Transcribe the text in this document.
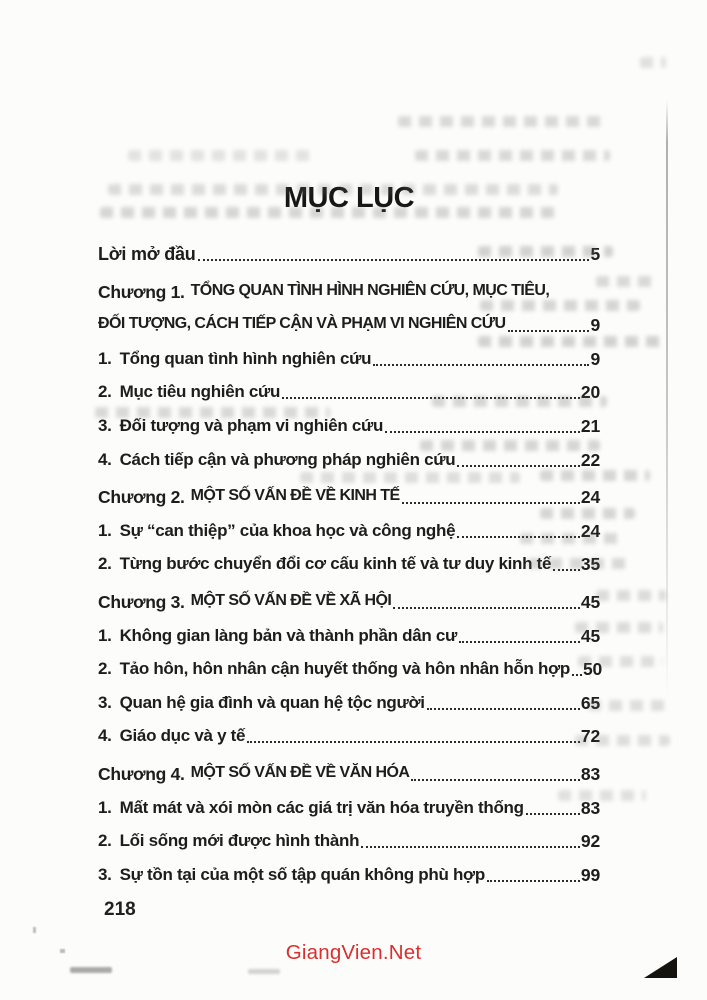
MỤC LỤC
Lời mở đầu	5
Chương 1. TỔNG QUAN TÌNH HÌNH NGHIÊN CỨU, MỤC TIÊU,
ĐỐI TƯỢNG, CÁCH TIẾP CẬN VÀ PHẠM VI NGHIÊN CỨU	9
1. Tổng quan tình hình nghiên cứu	9
2. Mục tiêu nghiên cứu	20
3. Đối tượng và phạm vi nghiên cứu	21
4. Cách tiếp cận và phương pháp nghiên cứu	22
Chương 2. MỘT SỐ VẤN ĐỀ VỀ KINH TẾ	24
1. Sự “can thiệp” của khoa học và công nghệ	24
2. Từng bước chuyển đổi cơ cấu kinh tế và tư duy kinh tế 35
Chương 3. MỘT SỐ VẤN ĐỀ VỀ XÃ HỘI	45
1. Không gian làng bản và thành phần dân cư	45
2. Tảo hôn, hôn nhân cận huyết thống và hôn nhân hỗn hợp 50
3. Quan hệ gia đình và quan hệ tộc người	65
4. Giáo dục và y tế	72
Chương 4. MỘT SỐ VẤN ĐỀ VỀ VĂN HÓA	83
1. Mất mát và xói mòn các giá trị văn hóa truyền thống	83
2. Lối sống mới được hình thành	92
3. Sự tồn tại của một số tập quán không phù hợp	99
218
GiangVien.Net
